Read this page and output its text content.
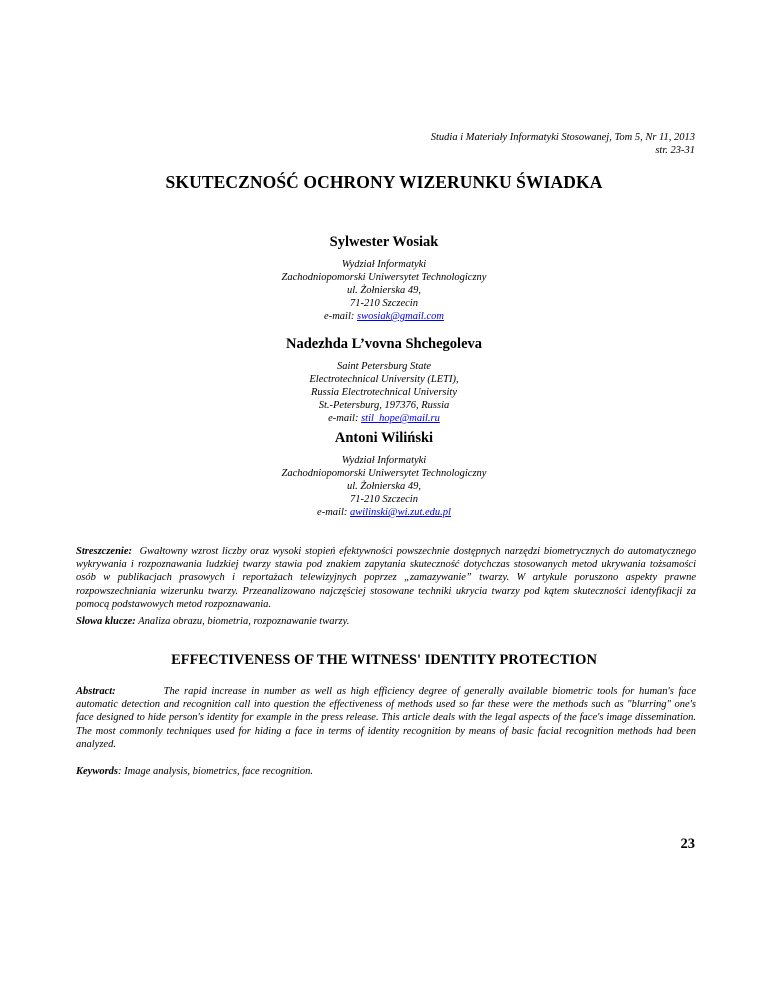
Studia i Materiały Informatyki Stosowanej, Tom 5, Nr 11, 2013
str. 23-31
SKUTECZNOŚĆ OCHRONY WIZERUNKU ŚWIADKA
Sylwester Wosiak
Wydział Informatyki
Zachodniopomorski Uniwersytet Technologiczny
ul. Żołnierska 49,
71-210 Szczecin
e-mail: swosiak@gmail.com
Nadezhda L’vovna Shchegoleva
Saint Petersburg State
Electrotechnical University (LETI),
Russia Electrotechnical University
St.-Petersburg, 197376, Russia
e-mail: stil_hope@mail.ru
Antoni Wiliński
Wydział Informatyki
Zachodniopomorski Uniwersytet Technologiczny
ul. Żołnierska 49,
71-210 Szczecin
e-mail: awilinski@wi.zut.edu.pl
Streszczenie: Gwałtowny wzrost liczby oraz wysoki stopień efektywności powszechnie dostępnych narzędzi biometrycznych do automatycznego wykrywania i rozpoznawania ludzkiej twarzy stawia pod znakiem zapytania skuteczność dotychczas stosowanych metod ukrywania tożsamości osób w publikacjach prasowych i reportażach telewizyjnych poprzez „zamazywanie” twarzy. W artykule poruszono aspekty prawne rozpowszechniania wizerunku twarzy. Przeanalizowano najczęściej stosowane techniki ukrycia twarzy pod kątem skuteczności identyfikacji za pomocą podstawowych metod rozpoznawania.
Słowa klucze: Analiza obrazu, biometria, rozpoznawanie twarzy.
EFFECTIVENESS OF THE WITNESS' IDENTITY PROTECTION
Abstract:	The rapid increase in number as well as high efficiency degree of generally available biometric tools for human's face automatic detection and recognition call into question the effectiveness of methods used so far these were the methods such as "blurring" one's face designed to hide person's identity for example in the press release. This article deals with the legal aspects of the face's image dissemination. The most commonly techniques used for hiding a face in terms of identity recognition by means of basic facial recognition methods had been analyzed.
Keywords: Image analysis, biometrics, face recognition.
23
